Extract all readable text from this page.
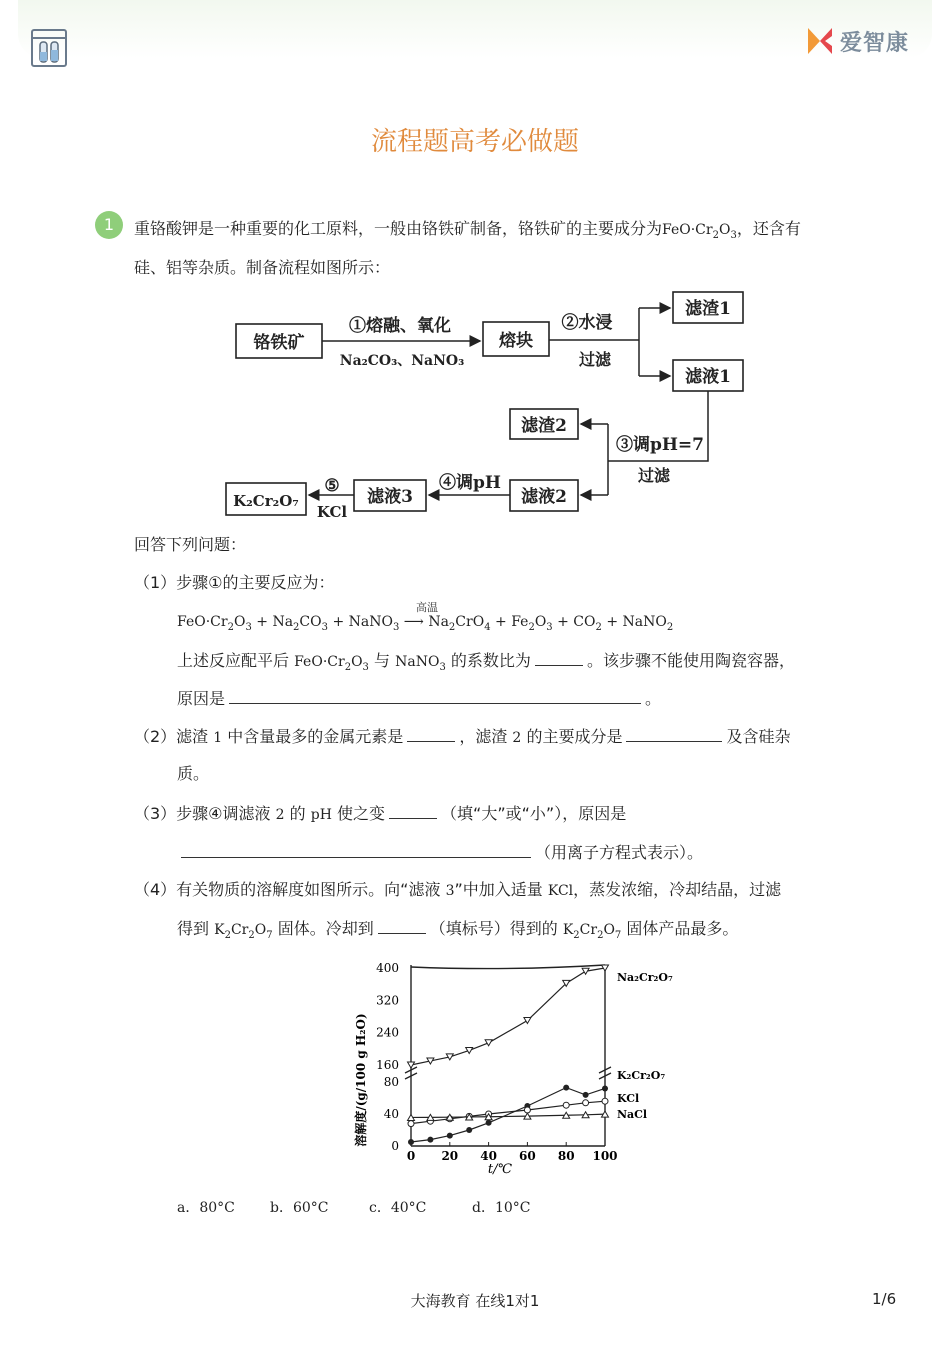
爱智康
流程题高考必做题
1	重铬酸钾是一种重要的化工原料，一般由铬铁矿制备，铬铁矿的主要成分为$FeO\cdot Cr_2O_3$，还含有
硅、铝等杂质。制备流程如图所示：
铬铁矿	熔块
滤渣1
滤液1
滤渣2
滤液2
滤液3
K₂Cr₂O₇
①熔融、氧化
Na₂CO₃、NaNO₃
②水浸
过滤
③调pH=7
过滤
④调pH
⑤
KCl
回答下列问题：
（1）步骤①的主要反应为：
高温
$FeO\cdot Cr_2O_3 + Na_2CO_3$ + NaNO$_3$ ⟶ $Na_2CrO_4 + Fe_2O_3 + CO_2$ + NaNO$_2$
上述反应配平后 $FeO\cdot Cr_2O_3$ 与 NaNO$_3$ 的系数比为	。该步骤不能使用陶瓷容器，
原因是	。
（2）滤渣 1 中含量最多的金属元素是	，滤渣 2 的主要成分是	及含硅杂
质。
（3）步骤④调滤液 2 的 pH 使之变	（填“大”或“小”），原因是
（用离子方程式表示）。
（4）有关物质的溶解度如图所示。向“滤液 3”中加入适量 KCl，蒸发浓缩，冷却结晶，过滤
得到 $K_2Cr_2O_7$ 固体。冷却到	（填标号）得到的 $K_2Cr_2O_7$ 固体产品最多。
溶解度/(g/100 g H₂O)
t/℃
0
40
80
160
240
320
400
0 20 40 60 80 100
Na₂Cr₂O₇
K₂Cr₂O₇
KCl
NaCl
a．80°C	b．60°C	c．40°C	d．10°C
大海教育 在线1对1	1/6
